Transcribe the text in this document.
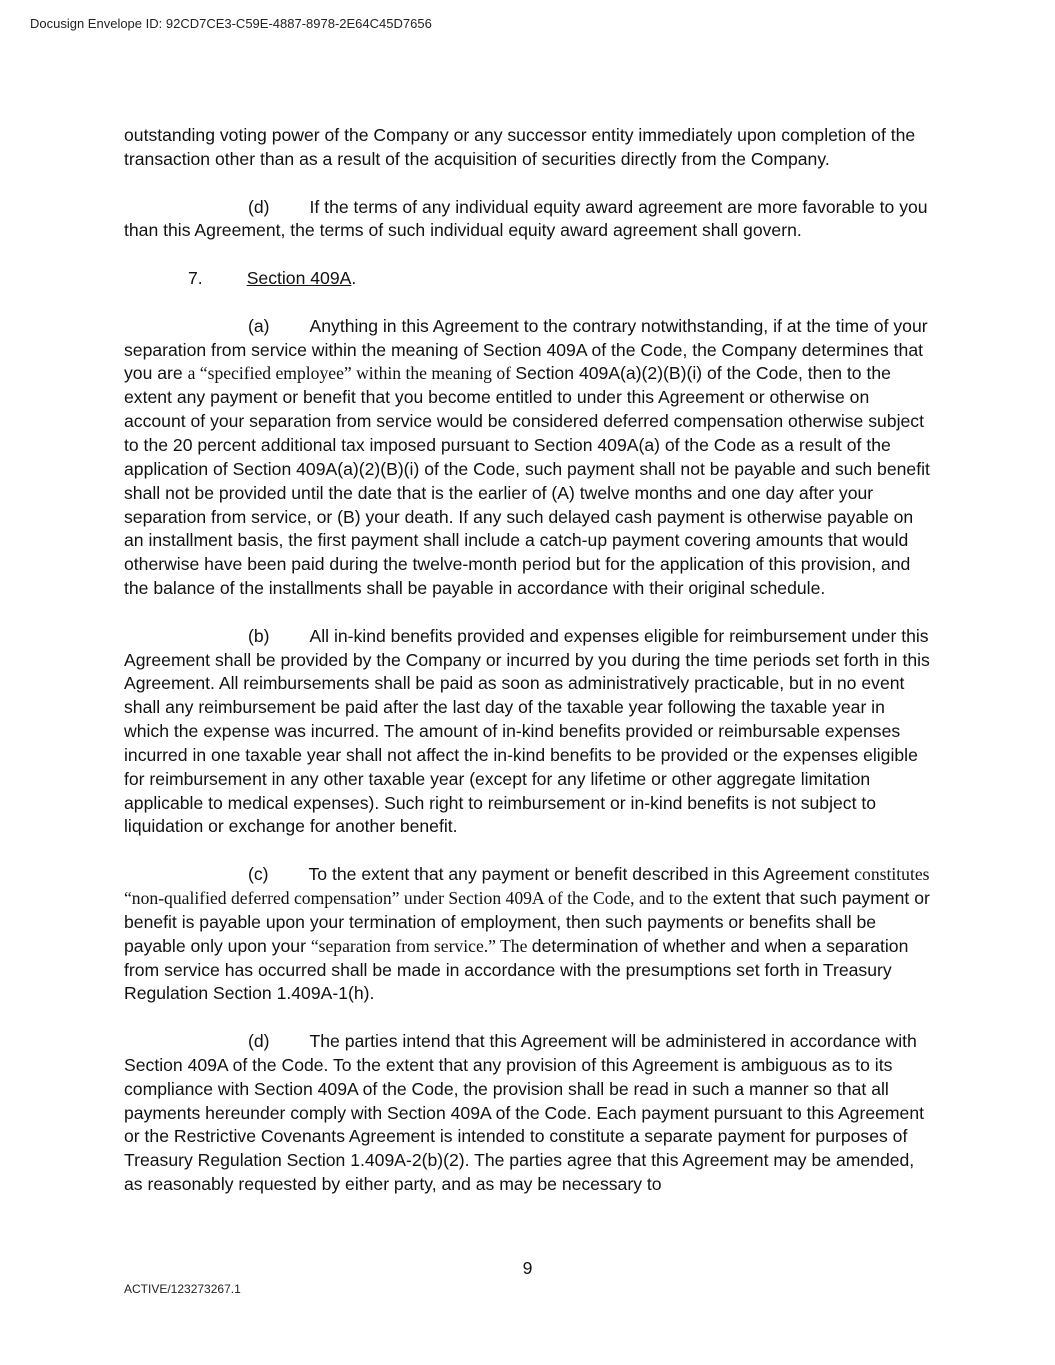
Docusign Envelope ID: 92CD7CE3-C59E-4887-8978-2E64C45D7656

outstanding voting power of the Company or any successor entity immediately upon completion of the transaction other than as a result of the acquisition of securities directly from the Company.

(d) If the terms of any individual equity award agreement are more favorable to you than this Agreement, the terms of such individual equity award agreement shall govern.

7.	Section 409A.

(a) Anything in this Agreement to the contrary notwithstanding, if at the time of your separation from service within the meaning of Section 409A of the Code, the Company determines that you are a “specified employee” within the meaning of Section 409A(a)(2)(B)(i) of the Code, then to the extent any payment or benefit that you become entitled to under this Agreement or otherwise on account of your separation from service would be considered deferred compensation otherwise subject to the 20 percent additional tax imposed pursuant to Section 409A(a) of the Code as a result of the application of Section 409A(a)(2)(B)(i) of the Code, such payment shall not be payable and such benefit shall not be provided until the date that is the earlier of (A) twelve months and one day after your separation from service, or (B) your death. If any such delayed cash payment is otherwise payable on an installment basis, the first payment shall include a catch-up payment covering amounts that would otherwise have been paid during the twelve-month period but for the application of this provision, and the balance of the installments shall be payable in accordance with their original schedule.

(b) All in-kind benefits provided and expenses eligible for reimbursement under this Agreement shall be provided by the Company or incurred by you during the time periods set forth in this Agreement. All reimbursements shall be paid as soon as administratively practicable, but in no event shall any reimbursement be paid after the last day of the taxable year following the taxable year in which the expense was incurred. The amount of in-kind benefits provided or reimbursable expenses incurred in one taxable year shall not affect the in-kind benefits to be provided or the expenses eligible for reimbursement in any other taxable year (except for any lifetime or other aggregate limitation applicable to medical expenses). Such right to reimbursement or in-kind benefits is not subject to liquidation or exchange for another benefit.

(c) To the extent that any payment or benefit described in this Agreement constitutes “non-qualified deferred compensation” under Section 409A of the Code, and to the extent that such payment or benefit is payable upon your termination of employment, then such payments or benefits shall be payable only upon your “separation from service.” The determination of whether and when a separation from service has occurred shall be made in accordance with the presumptions set forth in Treasury Regulation Section 1.409A-1(h).

(d) The parties intend that this Agreement will be administered in accordance with Section 409A of the Code. To the extent that any provision of this Agreement is ambiguous as to its compliance with Section 409A of the Code, the provision shall be read in such a manner so that all payments hereunder comply with Section 409A of the Code. Each payment pursuant to this Agreement or the Restrictive Covenants Agreement is intended to constitute a separate payment for purposes of Treasury Regulation Section 1.409A-2(b)(2). The parties agree that this Agreement may be amended, as reasonably requested by either party, and as may be necessary to

9
ACTIVE/123273267.1
